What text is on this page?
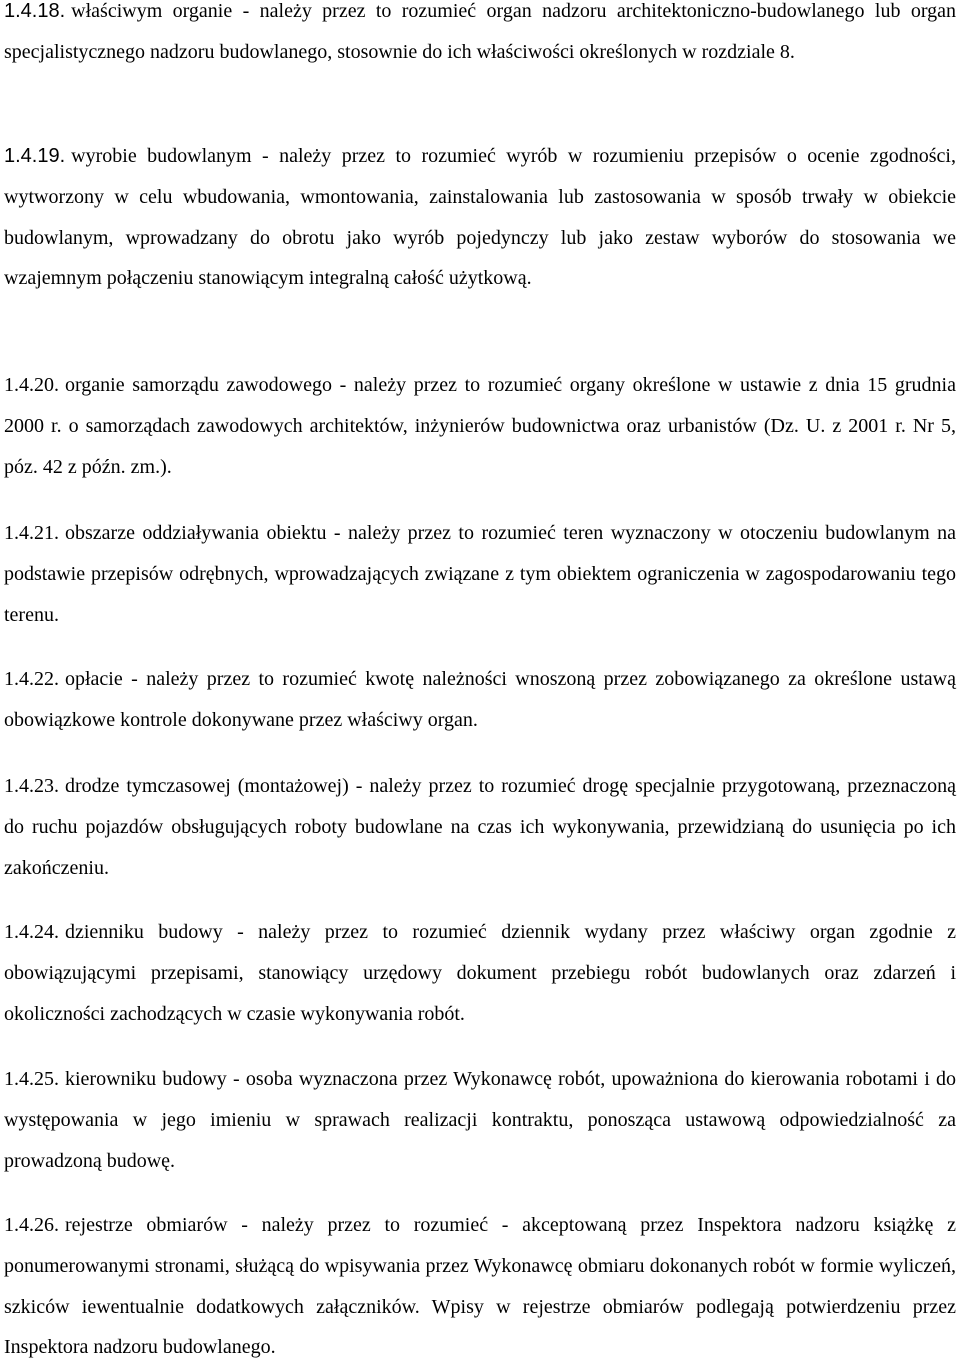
1.4.18. właściwym organie - należy przez to rozumieć organ nadzoru architektoniczno-budowlanego lub organ specjalistycznego nadzoru budowlanego, stosownie do ich właściwości określonych w rozdziale 8.

1.4.19. wyrobie budowlanym - należy przez to rozumieć wyrób w rozumieniu przepisów o ocenie zgodności, wytworzony w celu wbudowania, wmontowania, zainstalowania lub zastosowania w sposób trwały w obiekcie budowlanym, wprowadzany do obrotu jako wyrób pojedynczy lub jako zestaw wyborów do stosowania we wzajemnym połączeniu stanowiącym integralną całość użytkową.

1.4.20. organie samorządu zawodowego - należy przez to rozumieć organy określone w ustawie z dnia 15 grudnia 2000 r. o samorządach zawodowych architektów, inżynierów budownictwa oraz urbanistów (Dz. U. z 2001 r. Nr 5, póz. 42 z późn. zm.).

1.4.21. obszarze oddziaływania obiektu - należy przez to rozumieć teren wyznaczony w otoczeniu budowlanym na podstawie przepisów odrębnych, wprowadzających związane z tym obiektem ograniczenia w zagospodarowaniu tego terenu.

1.4.22. opłacie - należy przez to rozumieć kwotę należności wnoszoną przez zobowiązanego za określone ustawą obowiązkowe kontrole dokonywane przez właściwy organ.

1.4.23. drodze tymczasowej (montażowej) - należy przez to rozumieć drogę specjalnie przygotowaną, przeznaczoną do ruchu pojazdów obsługujących roboty budowlane na czas ich wykonywania, przewidzianą do usunięcia po ich zakończeniu.

1.4.24. dzienniku budowy - należy przez to rozumieć dziennik wydany przez właściwy organ zgodnie z obowiązującymi przepisami, stanowiący urzędowy dokument przebiegu robót budowlanych oraz zdarzeń i okoliczności zachodzących w czasie wykonywania robót.

1.4.25. kierowniku budowy - osoba wyznaczona przez Wykonawcę robót, upoważniona do kierowania robotami i do występowania w jego imieniu w sprawach realizacji kontraktu, ponosząca ustawową odpowiedzialność za prowadzoną budowę.

1.4.26. rejestrze obmiarów - należy przez to rozumieć - akceptowaną przez Inspektora nadzoru książkę z ponumerowanymi stronami, służącą do wpisywania przez Wykonawcę obmiaru dokonanych robót w formie wyliczeń, szkiców iewentualnie dodatkowych załączników. Wpisy w rejestrze obmiarów podlegają potwierdzeniu przez Inspektora nadzoru budowlanego.
